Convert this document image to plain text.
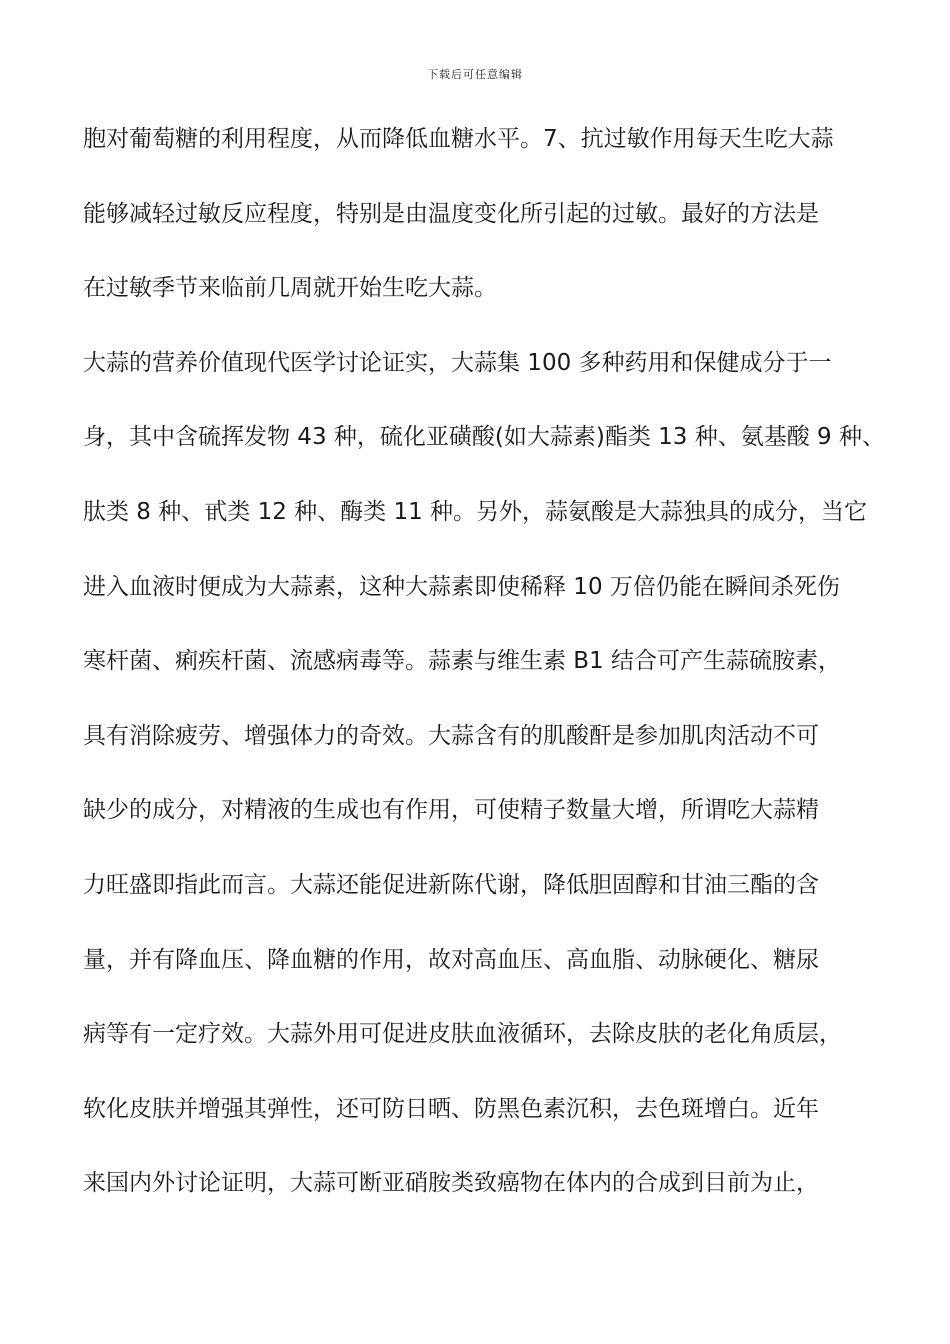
下载后可任意编辑
胞对葡萄糖的利用程度，从而降低血糖水平。7、抗过敏作用每天生吃大蒜
能够减轻过敏反应程度，特别是由温度变化所引起的过敏。最好的方法是
在过敏季节来临前几周就开始生吃大蒜。
大蒜的营养价值现代医学讨论证实，大蒜集 100 多种药用和保健成分于一
身，其中含硫挥发物 43 种，硫化亚磺酸(如大蒜素)酯类 13 种、氨基酸 9 种、
肽类 8 种、甙类 12 种、酶类 11 种。另外，蒜氨酸是大蒜独具的成分，当它
进入血液时便成为大蒜素，这种大蒜素即使稀释 10 万倍仍能在瞬间杀死伤
寒杆菌、痢疾杆菌、流感病毒等。蒜素与维生素 B1 结合可产生蒜硫胺素，
具有消除疲劳、增强体力的奇效。大蒜含有的肌酸酐是参加肌肉活动不可
缺少的成分，对精液的生成也有作用，可使精子数量大增，所谓吃大蒜精
力旺盛即指此而言。大蒜还能促进新陈代谢，降低胆固醇和甘油三酯的含
量，并有降血压、降血糖的作用，故对高血压、高血脂、动脉硬化、糖尿
病等有一定疗效。大蒜外用可促进皮肤血液循环，去除皮肤的老化角质层，
软化皮肤并增强其弹性，还可防日晒、防黑色素沉积，去色斑增白。近年
来国内外讨论证明，大蒜可断亚硝胺类致癌物在体内的合成到目前为止，
